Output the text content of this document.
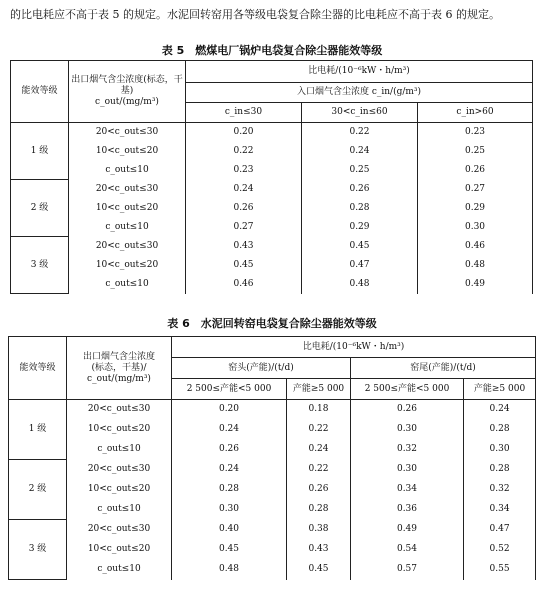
的比电耗应不高于表 5 的规定。水泥回转窑用各等级电袋复合除尘器的比电耗应不高于表 6 的规定。
表 5　燃煤电厂锅炉电袋复合除尘器能效等级
能效等级	出口烟气含尘浓度(标态，干基)
c_out/(mg/m³)	比电耗/(10⁻⁶kW・h/m³)		
		入口烟气含尘浓度 c_in/(g/m³)		
		c_in≤30	30<c_in≤60	c_in>60
1 级	20<c_out≤30	0.20	0.22	0.23
	10<c_out≤20	0.22	0.24	0.25
	c_out≤10	0.23	0.25	0.26
2 级	20<c_out≤30	0.24	0.26	0.27
	10<c_out≤20	0.26	0.28	0.29
	c_out≤10	0.27	0.29	0.30
3 级	20<c_out≤30	0.43	0.45	0.46
	10<c_out≤20	0.45	0.47	0.48
	c_out≤10	0.46	0.48	0.49
表 6　水泥回转窑电袋复合除尘器能效等级
能效等级	出口烟气含尘浓度
(标态，干基)/
c_out/(mg/m³)	比电耗/(10⁻⁶kW・h/m³)			
		窑头(产能)/(t/d)		窑尾(产能)/(t/d)	
		2 500≤产能<5 000	产能≥5 000	2 500≤产能<5 000	产能≥5 000
1 级	20<c_out≤30	0.20	0.18	0.26	0.24
	10<c_out≤20	0.24	0.22	0.30	0.28
	c_out≤10	0.26	0.24	0.32	0.30
2 级	20<c_out≤30	0.24	0.22	0.30	0.28
	10<c_out≤20	0.28	0.26	0.34	0.32
	c_out≤10	0.30	0.28	0.36	0.34
3 级	20<c_out≤30	0.40	0.38	0.49	0.47
	10<c_out≤20	0.45	0.43	0.54	0.52
	c_out≤10	0.48	0.45	0.57	0.55
